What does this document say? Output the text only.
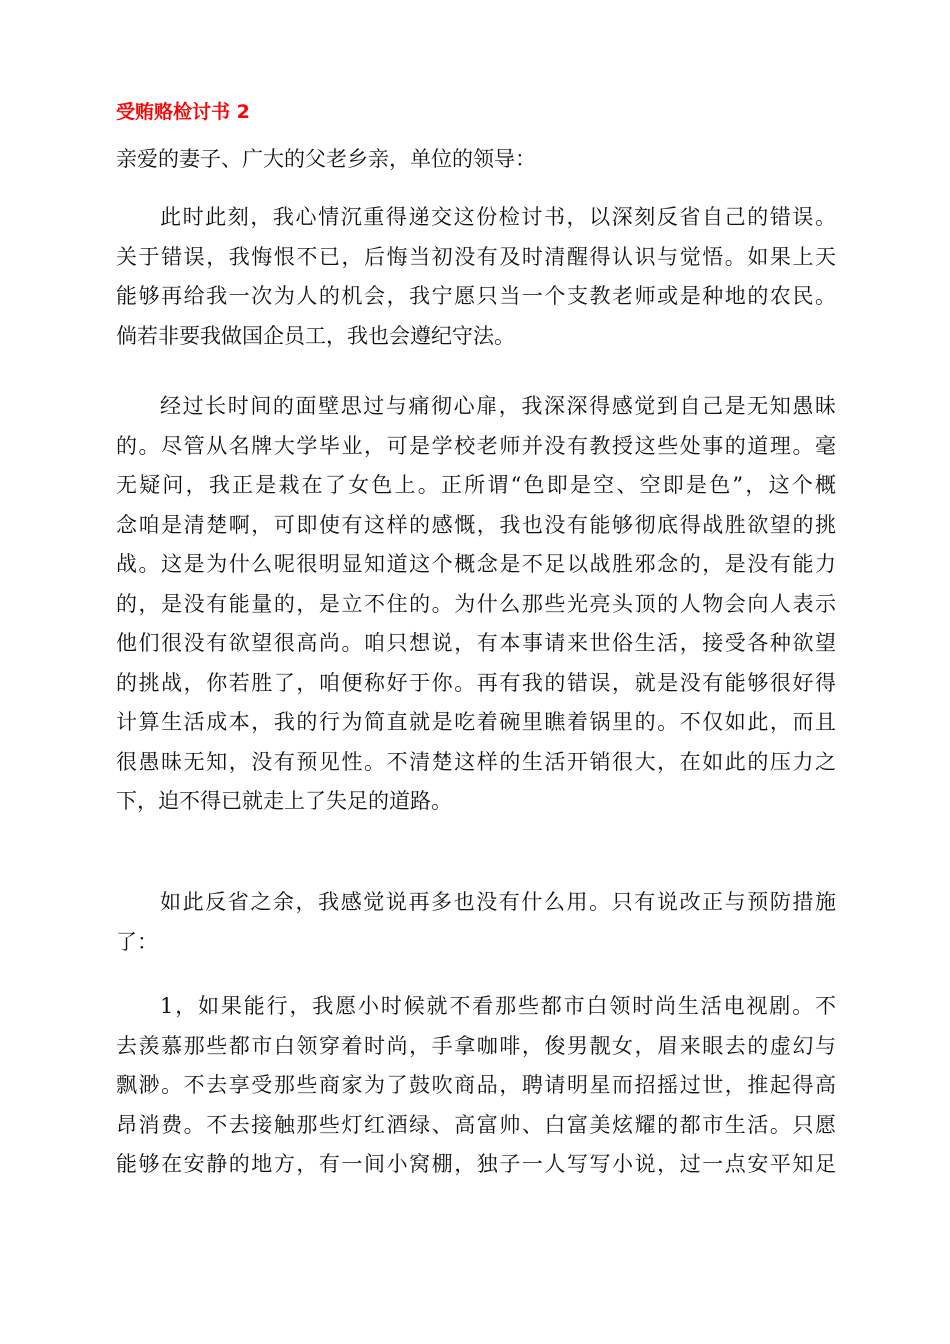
受贿赂检讨书 2
亲爱的妻子、广大的父老乡亲，单位的领导：
此时此刻，我心情沉重得递交这份检讨书，以深刻反省自己的错误。
关于错误，我悔恨不已，后悔当初没有及时清醒得认识与觉悟。如果上天
能够再给我一次为人的机会，我宁愿只当一个支教老师或是种地的农民。
倘若非要我做国企员工，我也会遵纪守法。
经过长时间的面壁思过与痛彻心扉，我深深得感觉到自己是无知愚昧
的。尽管从名牌大学毕业，可是学校老师并没有教授这些处事的道理。毫
无疑问，我正是栽在了女色上。正所谓“色即是空、空即是色”，这个概
念咱是清楚啊，可即使有这样的感慨，我也没有能够彻底得战胜欲望的挑
战。这是为什么呢很明显知道这个概念是不足以战胜邪念的，是没有能力
的，是没有能量的，是立不住的。为什么那些光亮头顶的人物会向人表示
他们很没有欲望很高尚。咱只想说，有本事请来世俗生活，接受各种欲望
的挑战，你若胜了，咱便称好于你。再有我的错误，就是没有能够很好得
计算生活成本，我的行为简直就是吃着碗里瞧着锅里的。不仅如此，而且
很愚昧无知，没有预见性。不清楚这样的生活开销很大，在如此的压力之
下，迫不得已就走上了失足的道路。
如此反省之余，我感觉说再多也没有什么用。只有说改正与预防措施
了：
1，如果能行，我愿小时候就不看那些都市白领时尚生活电视剧。不
去羡慕那些都市白领穿着时尚，手拿咖啡，俊男靓女，眉来眼去的虚幻与
飘渺。不去享受那些商家为了鼓吹商品，聘请明星而招摇过世，推起得高
昂消费。不去接触那些灯红酒绿、高富帅、白富美炫耀的都市生活。只愿
能够在安静的地方，有一间小窝棚，独子一人写写小说，过一点安平知足
